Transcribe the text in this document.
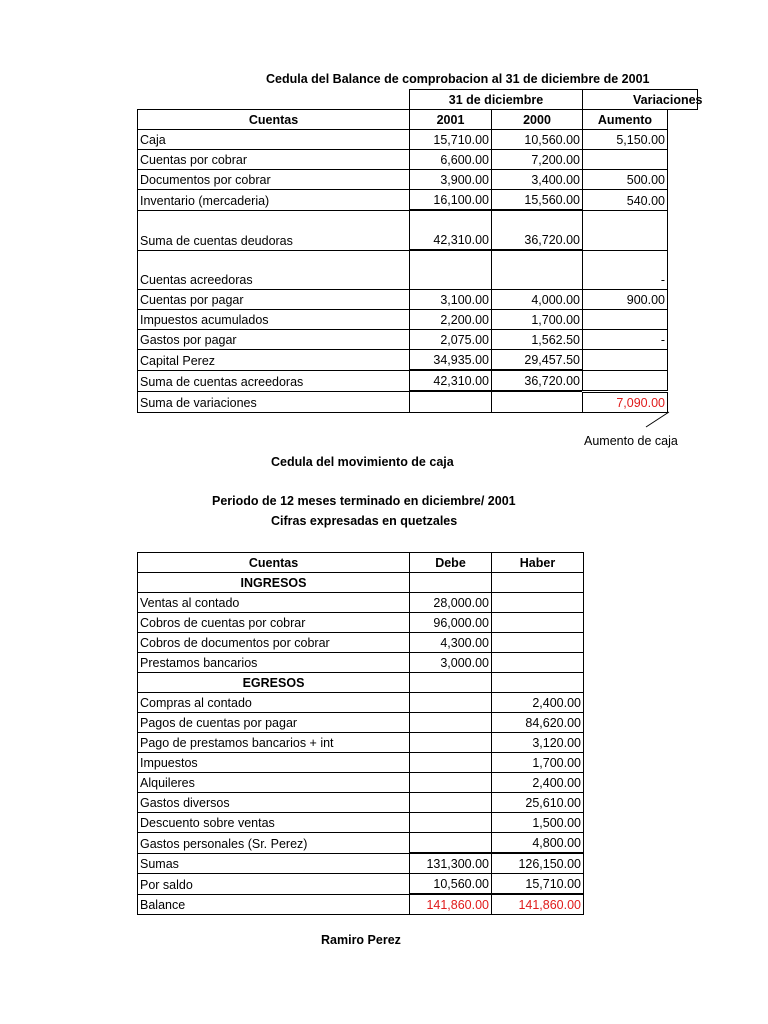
Cedula del Balance de comprobacion al 31 de diciembre de 2001
	31 de diciembre		Variaciones	
Cuentas	2001	2000	Aumento	
Caja	15,710.00	10,560.00	5,150.00	
Cuentas por cobrar	6,600.00	7,200.00		
Documentos por cobrar	3,900.00	3,400.00	500.00	
Inventario (mercaderia)	16,100.00	15,560.00	540.00	
Suma de cuentas deudoras	42,310.00	36,720.00		
Cuentas acreedoras			-	
Cuentas por pagar	3,100.00	4,000.00	900.00	
Impuestos acumulados	2,200.00	1,700.00		
Gastos por pagar	2,075.00	1,562.50	-	
Capital Perez	34,935.00	29,457.50		
Suma de cuentas acreedoras	42,310.00	36,720.00		
Suma de variaciones			7,090.00	
Aumento de caja
Cedula del movimiento de caja
Periodo de 12 meses terminado en diciembre/ 2001
Cifras expresadas en quetzales
Cuentas	Debe	Haber
INGRESOS		
Ventas al contado	28,000.00	
Cobros de cuentas por cobrar	96,000.00	
Cobros de documentos por cobrar	4,300.00	
Prestamos bancarios	3,000.00	
EGRESOS		
Compras al contado		2,400.00
Pagos de cuentas por pagar		84,620.00
Pago de prestamos bancarios + int		3,120.00
Impuestos		1,700.00
Alquileres		2,400.00
Gastos diversos		25,610.00
Descuento sobre ventas		1,500.00
Gastos personales (Sr. Perez)		4,800.00
Sumas	131,300.00	126,150.00
Por saldo	10,560.00	15,710.00
Balance	141,860.00	141,860.00
Ramiro Perez
